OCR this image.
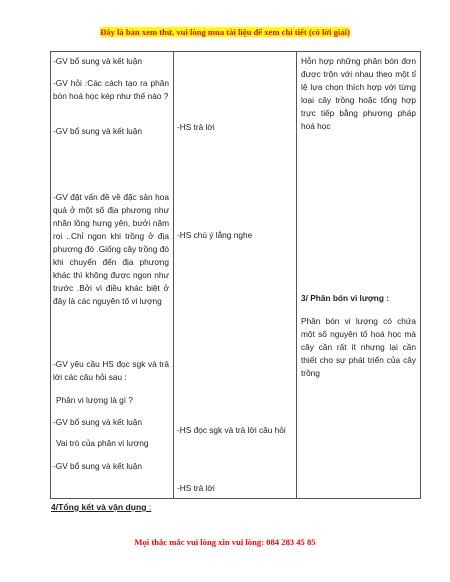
Đây là bản xem thử, vui lòng mua tài liệu để xem chi tiết (có lời giải)
-GV bổ sung và kết luận
-GV hỏi :Các cách tạo ra phân bón hoá học kép như thế nào ?
-GV bổ sung và kết luận
-GV đặt vấn đề về đặc sản hoa quả ở một số địa phương như nhãn lồng hưng yên, bưởi năm roi ..Chỉ ngon khi trồng ở địa phương đó .Giống cây trồng đó khi chuyển đến địa phương khác thì không được ngon như trước .Bởi vì điều khác biệt ở đây là các nguyên tố vi lượng
-GV yêu cầu HS đọc sgk và trả lời các câu hỏi sau :
Phân vi lượng là gì ?
-GV bổ sung và kết luận
Vai trò của phân vi lượng
-GV bổ sung và kết luận
-HS trả lời
-HS chú ý lắng nghe
-HS đọc sgk và trả lời câu hỏi
-HS trả lời
Hỗn hợp những phân bón đơn được trộn với nhau theo một tỉ lệ lựa chọn thích hợp với từng loại cây trồng hoặc tổng hợp trực tiếp bằng phương pháp hoá học
3/ Phân bón vi lượng :
Phân bón vi lượng có chứa một số nguyên tố hoá học mà cây cần rất ít nhưng lại cần thiết cho sự phát triển của cây trồng
4/Tổng kết và vận dụng :
Mọi thắc mắc vui lòng xin vui lòng: 084 283 45 85
